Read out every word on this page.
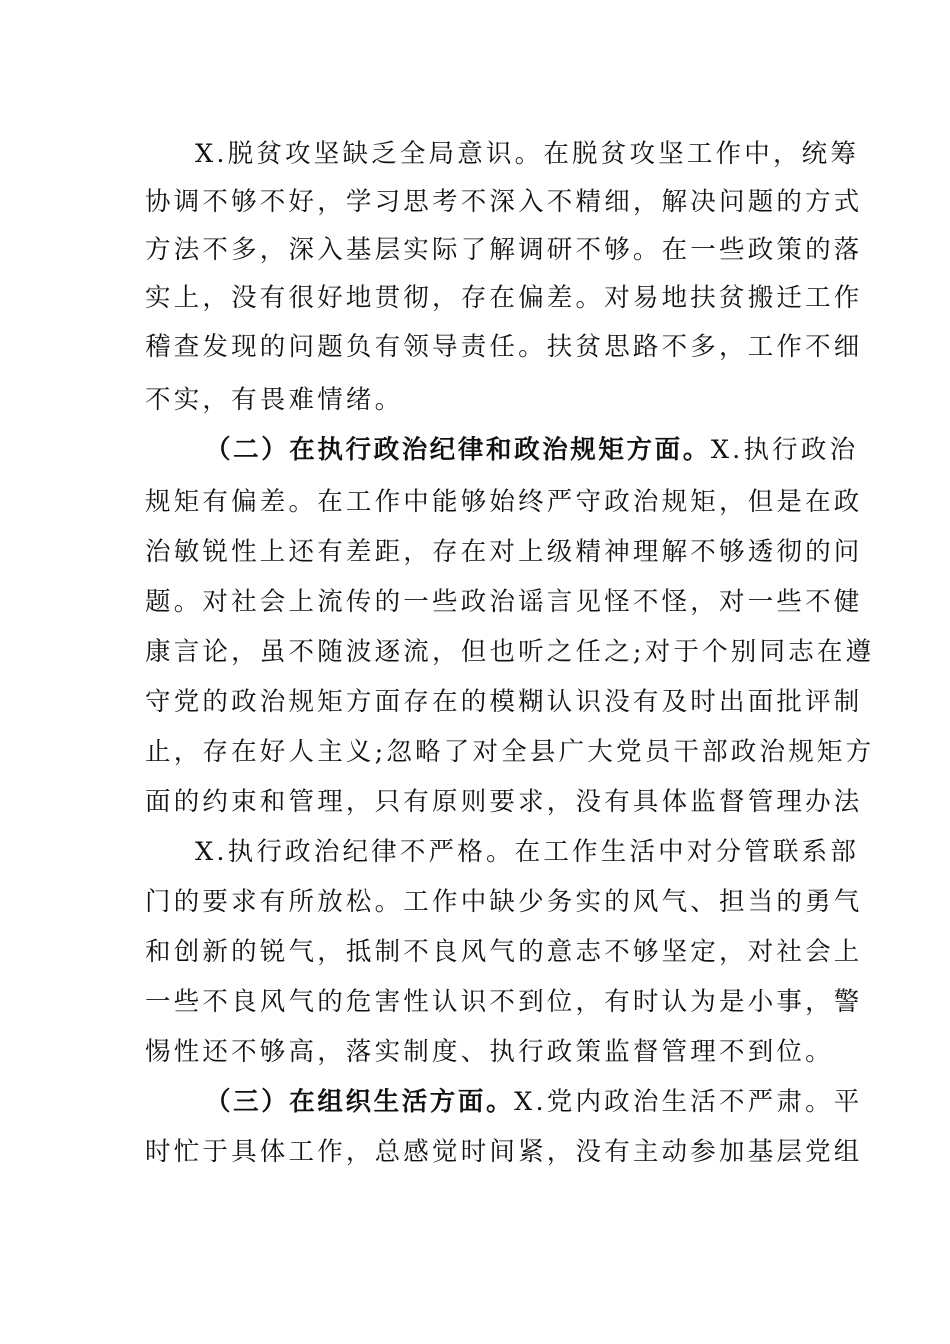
X.脱贫攻坚缺乏全局意识。在脱贫攻坚工作中，统筹
协调不够不好，学习思考不深入不精细，解决问题的方式
方法不多，深入基层实际了解调研不够。在一些政策的落
实上，没有很好地贯彻，存在偏差。对易地扶贫搬迁工作
稽查发现的问题负有领导责任。扶贫思路不多，工作不细
不实，有畏难情绪。
（二）在执行政治纪律和政治规矩方面。X.执行政治
规矩有偏差。在工作中能够始终严守政治规矩，但是在政
治敏锐性上还有差距，存在对上级精神理解不够透彻的问
题。对社会上流传的一些政治谣言见怪不怪，对一些不健
康言论，虽不随波逐流，但也听之任之;对于个别同志在遵
守党的政治规矩方面存在的模糊认识没有及时出面批评制
止，存在好人主义;忽略了对全县广大党员干部政治规矩方
面的约束和管理，只有原则要求，没有具体监督管理办法
X.执行政治纪律不严格。在工作生活中对分管联系部
门的要求有所放松。工作中缺少务实的风气、担当的勇气
和创新的锐气，抵制不良风气的意志不够坚定，对社会上
一些不良风气的危害性认识不到位，有时认为是小事，警
惕性还不够高，落实制度、执行政策监督管理不到位。
（三）在组织生活方面。X.党内政治生活不严肃。平
时忙于具体工作，总感觉时间紧，没有主动参加基层党组
